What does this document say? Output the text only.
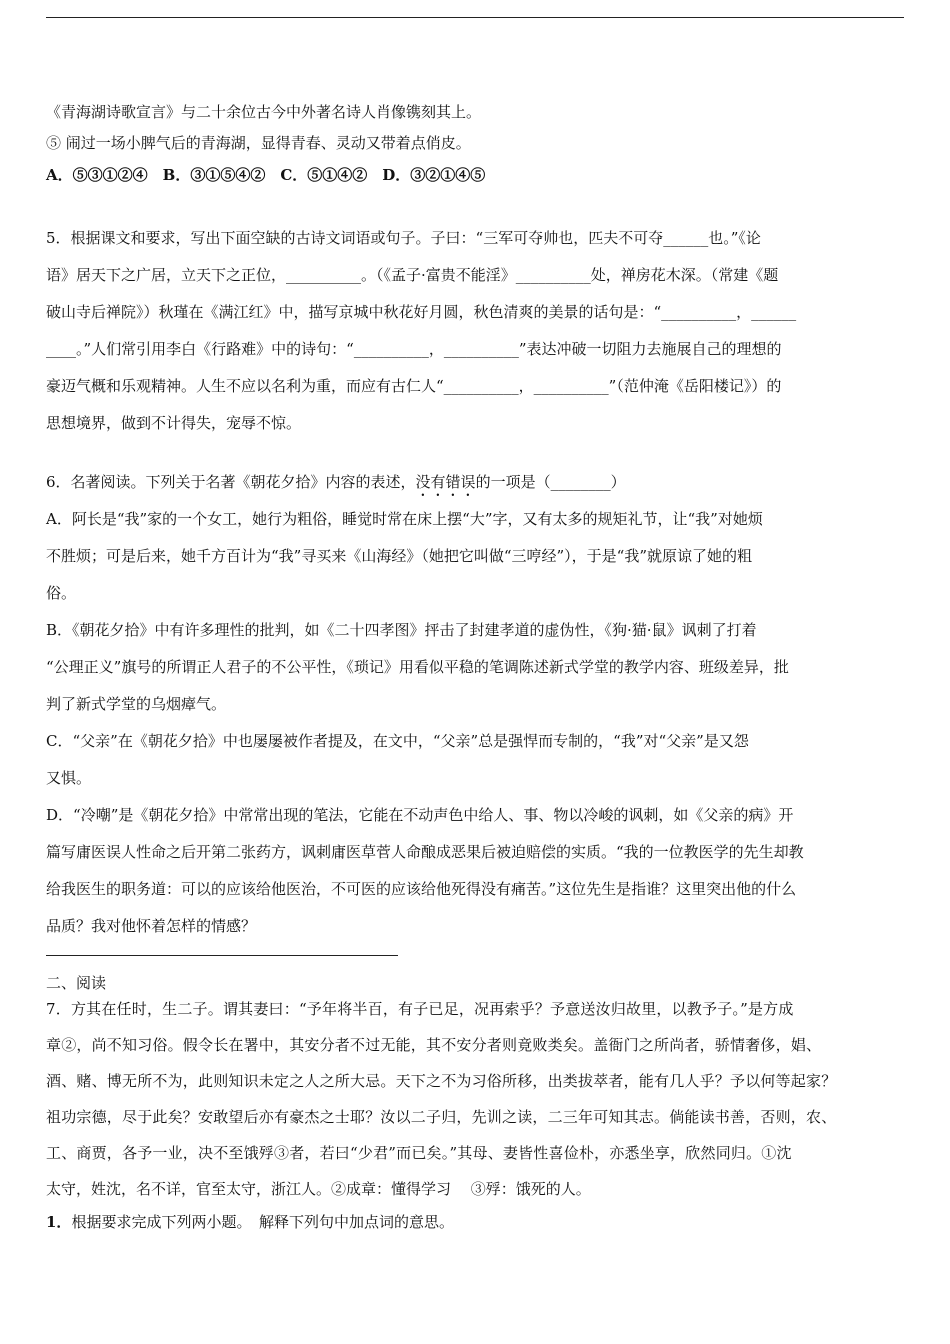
《青海湖诗歌宣言》与二十余位古今中外著名诗人肖像镌刻其上。
⑤ 闹过一场小脾气后的青海湖，显得青春、灵动又带着点俏皮。
A．⑤③①②④　B．③①⑤④②　C．⑤①④②　D．③②①④⑤
5．根据课文和要求，写出下面空缺的古诗文词语或句子。子曰：“三军可夺帅也，匹夫不可夺______也。”《论
语》居天下之广居，立天下之正位，__________。（《孟子·富贵不能淫》__________处，禅房花木深。（常建《题
破山寺后禅院》）秋瑾在《满江红》中，描写京城中秋花好月圆，秋色清爽的美景的话句是：“__________，______
____。”人们常引用李白《行路难》中的诗句：“__________，__________”表达冲破一切阻力去施展自己的理想的
豪迈气概和乐观精神。人生不应以名利为重，而应有古仁人“__________，__________”（范仲淹《岳阳楼记》）的
思想境界，做到不计得失，宠辱不惊。
6．名著阅读。下列关于名著《朝花夕拾》内容的表述，没有错误的一项是（________）
A．阿长是“我”家的一个女工，她行为粗俗，睡觉时常在床上摆“大”字，又有太多的规矩礼节，让“我”对她烦
不胜烦；可是后来，她千方百计为“我”寻买来《山海经》（她把它叫做“三哼经”），于是“我”就原谅了她的粗
俗。
B．《朝花夕拾》中有许多理性的批判，如《二十四孝图》抨击了封建孝道的虚伪性，《狗·猫·鼠》讽刺了打着
“公理正义”旗号的所谓正人君子的不公平性，《琐记》用看似平稳的笔调陈述新式学堂的教学内容、班级差异，批
判了新式学堂的乌烟瘴气。
C．“父亲”在《朝花夕拾》中也屡屡被作者提及，在文中，“父亲”总是强悍而专制的，“我”对“父亲”是又怨
又惧。
D．“冷嘲”是《朝花夕拾》中常常出现的笔法，它能在不动声色中给人、事、物以冷峻的讽刺，如《父亲的病》开
篇写庸医误人性命之后开第二张药方，讽刺庸医草菅人命酿成恶果后被迫赔偿的实质。“我的一位教医学的先生却教
给我医生的职务道：可以的应该给他医治，不可医的应该给他死得没有痛苦。”这位先生是指谁？这里突出他的什么
品质？我对他怀着怎样的情感？
二、阅读
7．方其在任时，生二子。谓其妻曰：“予年将半百，有子已足，况再索乎？予意送汝归故里，以教予子。”是方成
章②，尚不知习俗。假令长在署中，其安分者不过无能，其不安分者则竟败类矣。盖衙门之所尚者，骄情奢侈，娼、
酒、赌、博无所不为，此则知识未定之人之所大忌。天下之不为习俗所移，出类拔萃者，能有几人乎？予以何等起家？
祖功宗德，尽于此矣？安敢望后亦有豪杰之士耶？汝以二子归，先训之读，二三年可知其志。倘能读书善，否则，农、
工、商贾，各予一业，决不至饿殍③者，若曰“少君”而已矣。”其母、妻皆性喜俭朴，亦悉坐享，欣然同归。①沈
太守，姓沈，名不详，官至太守，浙江人。②成章：懂得学习　 ③殍：饿死的人。
1．根据要求完成下列两小题。　解释下列句中加点词的意思。
